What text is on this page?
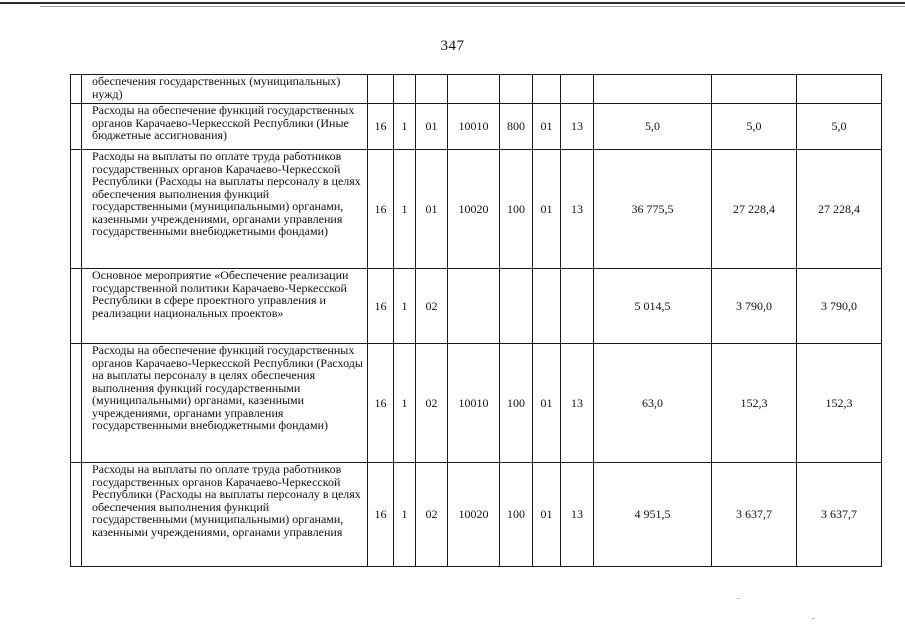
347
	обеспечения государственных (муниципальных) нужд)										
	Расходы на обеспечение функций государственных органов Карачаево-Черкесской Республики (Иные бюджетные ассигнования)	16	1	01	10010	800	01	13	5,0	5,0	5,0
	Расходы на выплаты по оплате труда работников государственных органов Карачаево-Черкесской Республики (Расходы на выплаты персоналу в целях обеспечения выполнения функций государственными (муниципальными) органами, казенными учреждениями, органами управления государственными внебюджетными фондами)	16	1	01	10020	100	01	13	36 775,5	27 228,4	27 228,4
	Основное мероприятие «Обеспечение реализации государственной политики Карачаево-Черкесской Республики в сфере проектного управления и реализации национальных проектов»	16	1	02					5 014,5	3 790,0	3 790,0
	Расходы на обеспечение функций государственных органов Карачаево-Черкесской Республики (Расходы на выплаты персоналу в целях обеспечения выполнения функций государственными (муниципальными) органами, казенными учреждениями, органами управления государственными внебюджетными фондами)	16	1	02	10010	100	01	13	63,0	152,3	152,3
	Расходы на выплаты по оплате труда работников государственных органов Карачаево-Черкесской Республики (Расходы на выплаты персоналу в целях обеспечения выполнения функций государственными (муниципальными) органами, казенными учреждениями, органами управления	16	1	02	10020	100	01	13	4 951,5	3 637,7	3 637,7
